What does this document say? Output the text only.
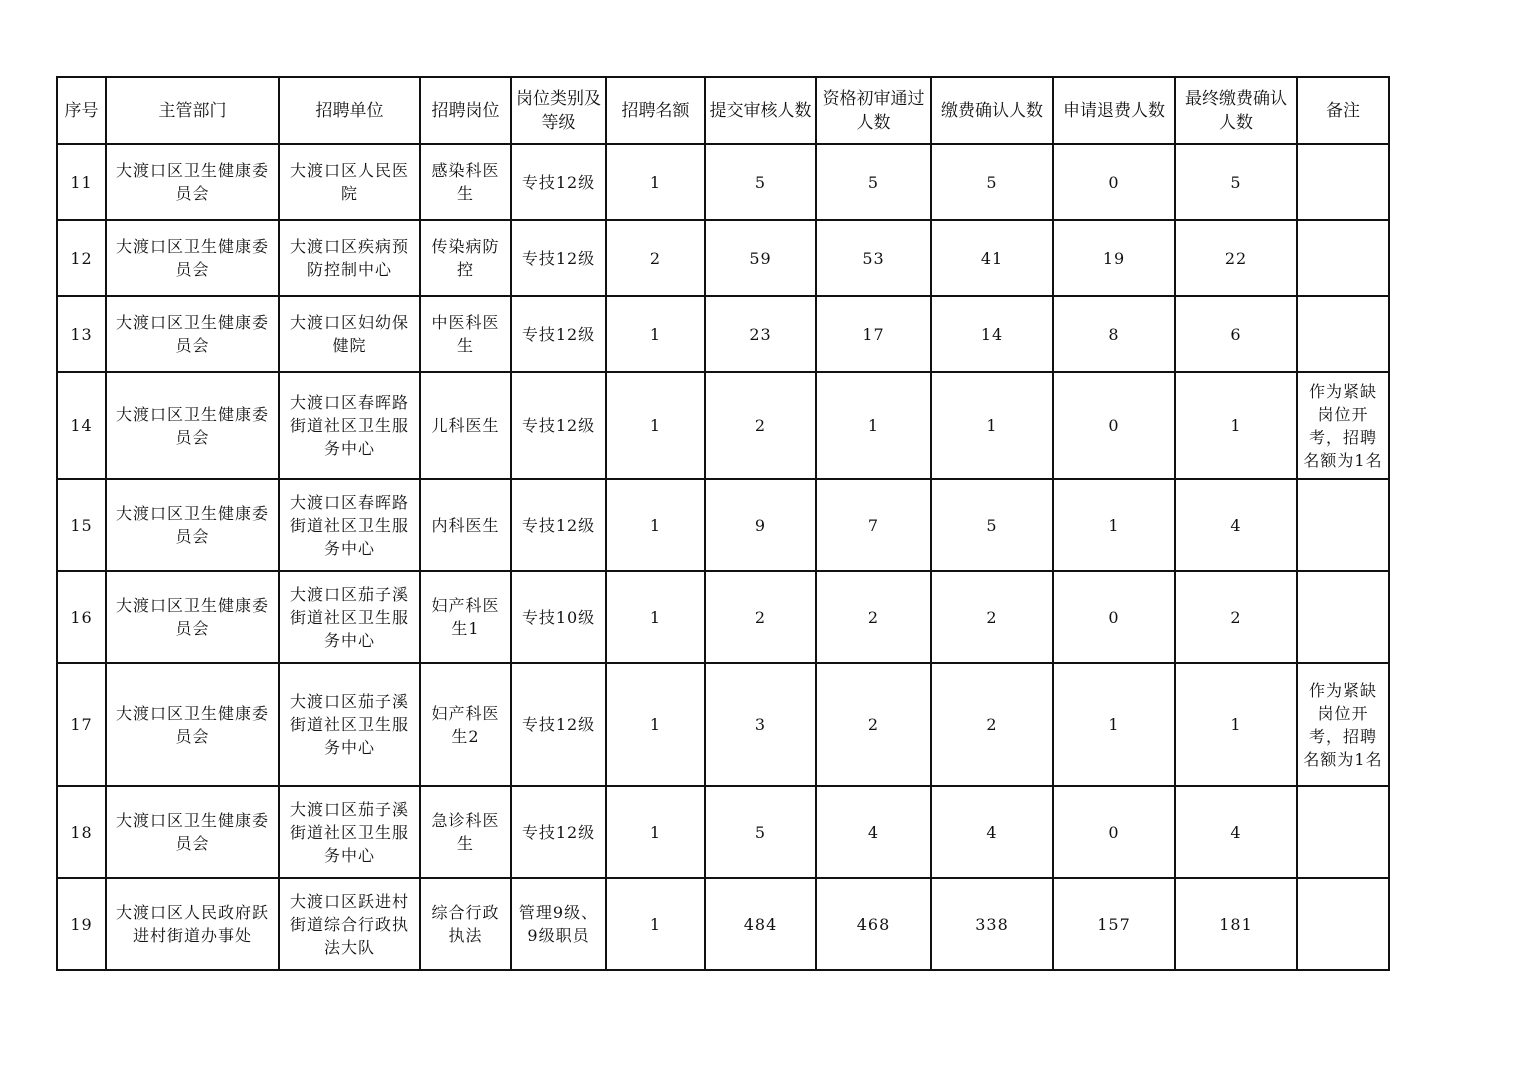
序号	主管部门	招聘单位	招聘岗位	岗位类别及等级	招聘名额	提交审核人数	资格初审通过人数	缴费确认人数	申请退费人数	最终缴费确认人数	备注
11	大渡口区卫生健康委员会	大渡口区人民医院	感染科医生	专技12级	1	5	5	5	0	5	
12	大渡口区卫生健康委员会	大渡口区疾病预防控制中心	传染病防控	专技12级	2	59	53	41	19	22	
13	大渡口区卫生健康委员会	大渡口区妇幼保健院	中医科医生	专技12级	1	23	17	14	8	6	
14	大渡口区卫生健康委员会	大渡口区春晖路街道社区卫生服务中心	儿科医生	专技12级	1	2	1	1	0	1	作为紧缺岗位开考，招聘名额为1名
15	大渡口区卫生健康委员会	大渡口区春晖路街道社区卫生服务中心	内科医生	专技12级	1	9	7	5	1	4	
16	大渡口区卫生健康委员会	大渡口区茄子溪街道社区卫生服务中心	妇产科医生1	专技10级	1	2	2	2	0	2	
17	大渡口区卫生健康委员会	大渡口区茄子溪街道社区卫生服务中心	妇产科医生2	专技12级	1	3	2	2	1	1	作为紧缺岗位开考，招聘名额为1名
18	大渡口区卫生健康委员会	大渡口区茄子溪街道社区卫生服务中心	急诊科医生	专技12级	1	5	4	4	0	4	
19	大渡口区人民政府跃进村街道办事处	大渡口区跃进村街道综合行政执法大队	综合行政执法	管理9级、9级职员	1	484	468	338	157	181	
